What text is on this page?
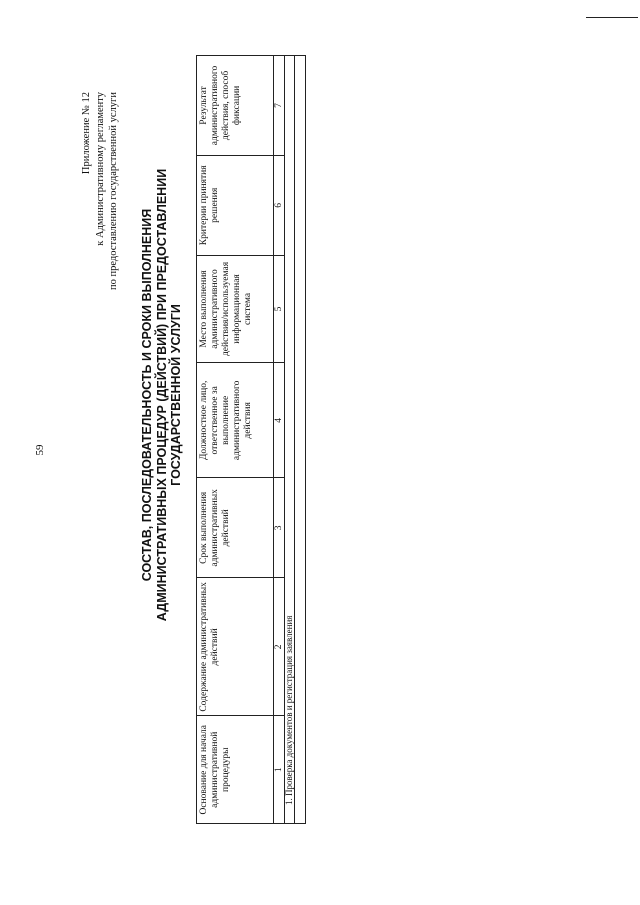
59
Приложение № 12 к Административному регламенту по предоставлению государственной услуги
СОСТАВ, ПОСЛЕДОВАТЕЛЬНОСТЬ И СРОКИ ВЫПОЛНЕНИЯ АДМИНИСТРАТИВНЫХ ПРОЦЕДУР (ДЕЙСТВИЙ) ПРИ ПРЕДОСТАВЛЕНИИ ГОСУДАРСТВЕННОЙ УСЛУГИ
Основание для начала административной процедуры	Содержание административных действий	Срок выполнения административных действий	Должностное лицо, ответственное за выполнение административного действия	Место выполнения административного действия/используемая информационная система	Критерии принятия решения	Результат административного действия, способ фиксации
1	2	3	4	5	6	7
1. Проверка документов и регистрация заявления						
